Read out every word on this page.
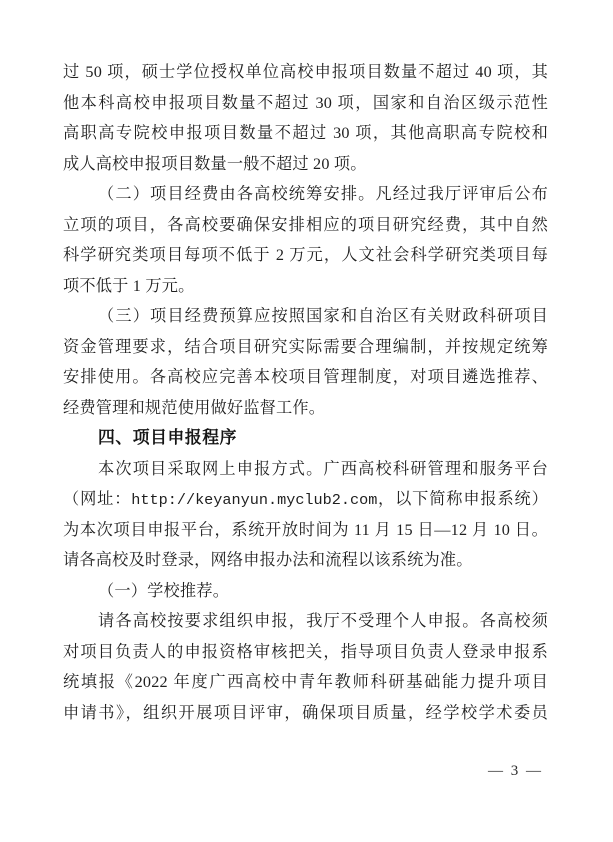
过 50 项，硕士学位授权单位高校申报项目数量不超过 40 项，其
他本科高校申报项目数量不超过 30 项，国家和自治区级示范性
高职高专院校申报项目数量不超过 30 项，其他高职高专院校和
成人高校申报项目数量一般不超过 20 项。
（二）项目经费由各高校统筹安排。凡经过我厅评审后公布
立项的项目，各高校要确保安排相应的项目研究经费，其中自然
科学研究类项目每项不低于 2 万元，人文社会科学研究类项目每
项不低于 1 万元。
（三）项目经费预算应按照国家和自治区有关财政科研项目
资金管理要求，结合项目研究实际需要合理编制，并按规定统筹
安排使用。各高校应完善本校项目管理制度，对项目遴选推荐、
经费管理和规范使用做好监督工作。
四、项目申报程序
本次项目采取网上申报方式。广西高校科研管理和服务平台
（网址：http://keyanyun.myclub2.com，以下简称申报系统）
为本次项目申报平台，系统开放时间为 11 月 15 日—12 月 10 日。
请各高校及时登录，网络申报办法和流程以该系统为准。
（一）学校推荐。
请各高校按要求组织申报，我厅不受理个人申报。各高校须
对项目负责人的申报资格审核把关，指导项目负责人登录申报系
统填报《2022 年度广西高校中青年教师科研基础能力提升项目
申请书》，组织开展项目评审，确保项目质量，经学校学术委员
— 3 —
